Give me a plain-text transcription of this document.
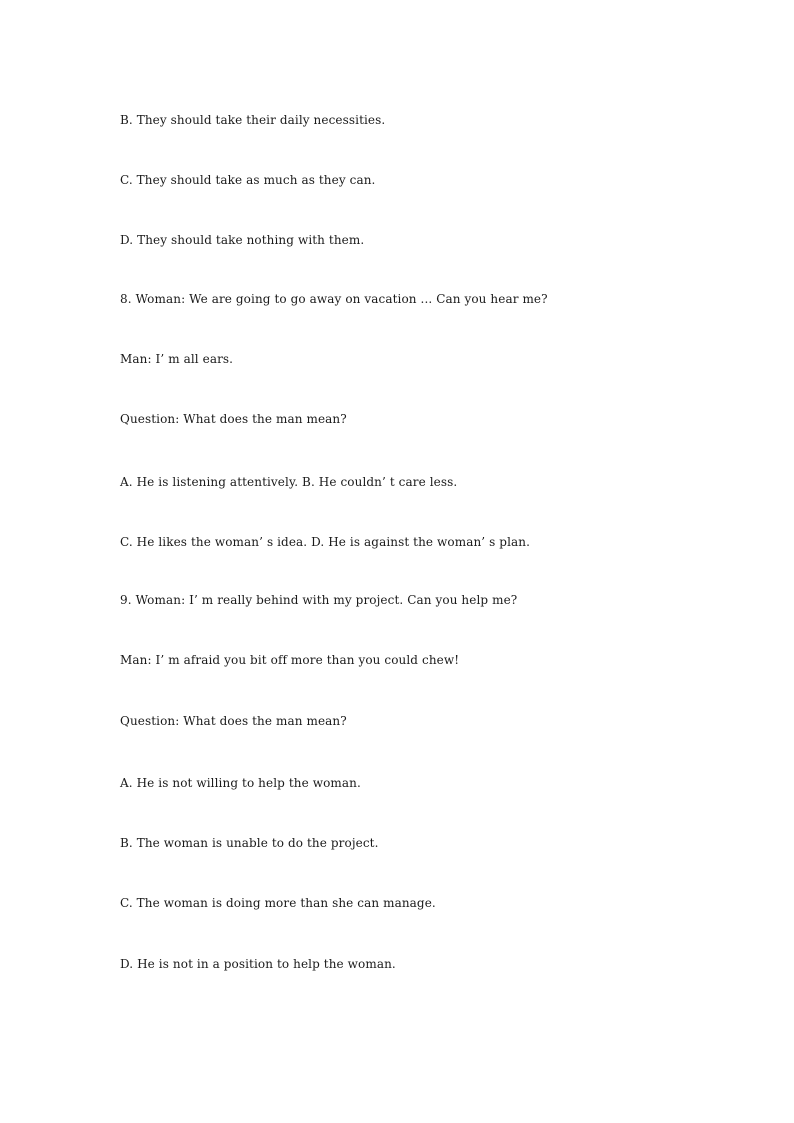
B. They should take their daily necessities.
C. They should take as much as they can.
D. They should take nothing with them.
8. Woman: We are going to go away on vacation ... Can you hear me?
Man: I’ m all ears.
Question: What does the man mean?
A. He is listening attentively. B. He couldn’ t care less.
C. He likes the woman’ s idea. D. He is against the woman’ s plan.
9. Woman: I’ m really behind with my project. Can you help me?
Man: I’ m afraid you bit off more than you could chew!
Question: What does the man mean?
A. He is not willing to help the woman.
B. The woman is unable to do the project.
C. The woman is doing more than she can manage.
D. He is not in a position to help the woman.
